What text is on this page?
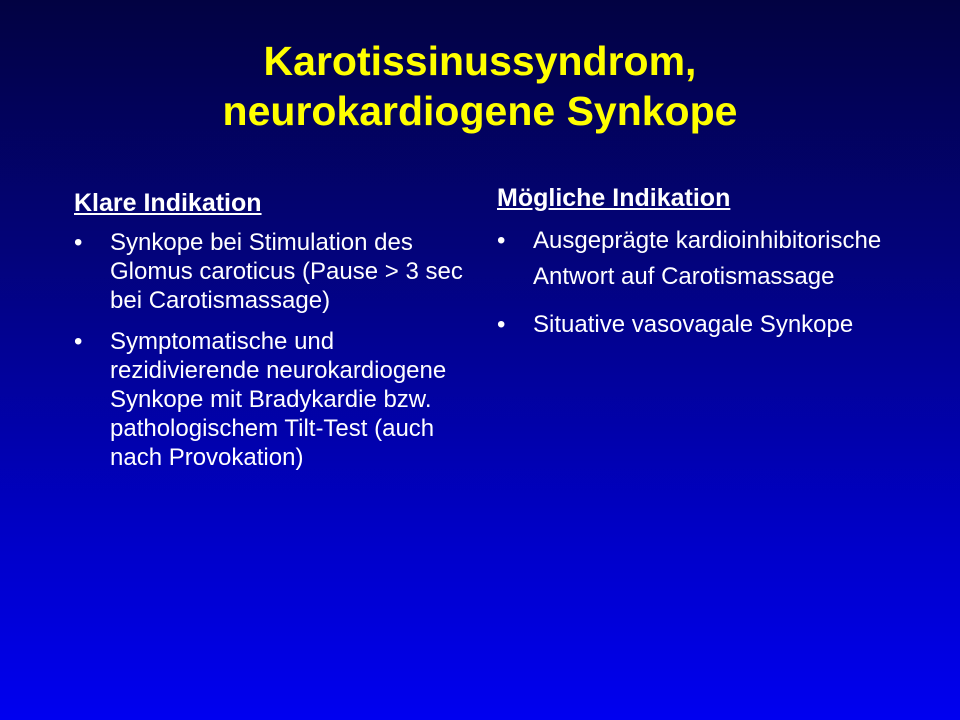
Karotissinussyndrom,
neurokardiogene Synkope
Klare Indikation
• Synkope bei Stimulation des Glomus caroticus (Pause > 3 sec bei Carotismassage)
• Symptomatische und rezidivierende neurokardiogene Synkope mit Bradykardie bzw. pathologischem Tilt-Test (auch nach Provokation)
Mögliche Indikation
• Ausgeprägte kardioinhibitorische Antwort auf Carotismassage
• Situative vasovagale Synkope
